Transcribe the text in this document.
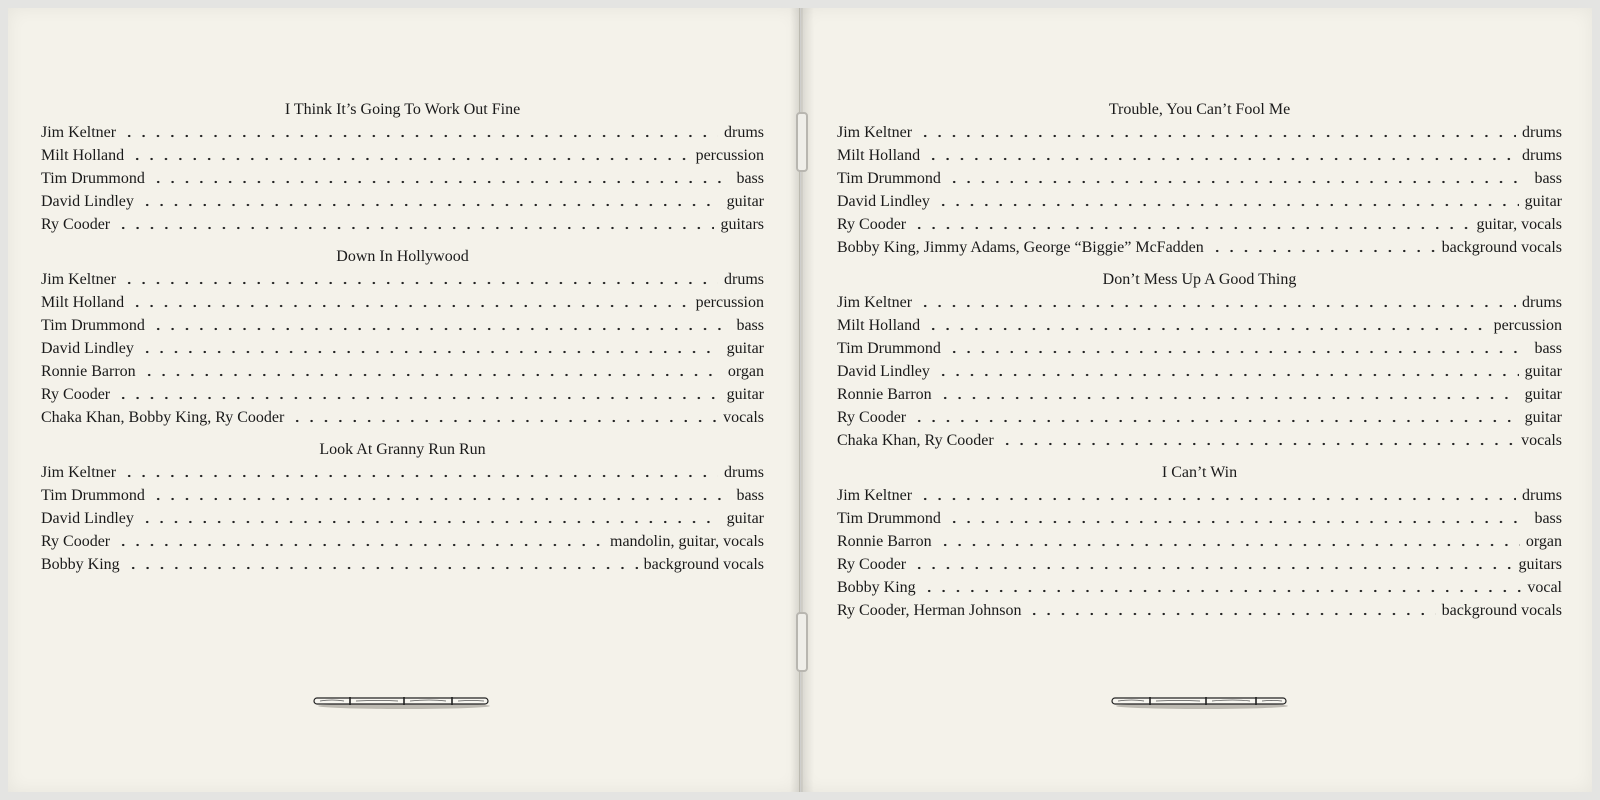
I Think It’s Going To Work Out Fine
Jim Keltner	drums
Milt Holland	percussion
Tim Drummond	bass
David Lindley	guitar
Ry Cooder	guitars
Down In Hollywood
Jim Keltner	drums
Milt Holland	percussion
Tim Drummond	bass
David Lindley	guitar
Ronnie Barron	organ
Ry Cooder	guitar
Chaka Khan, Bobby King, Ry Cooder	vocals
Look At Granny Run Run
Jim Keltner	drums
Tim Drummond	bass
David Lindley	guitar
Ry Cooder	mandolin, guitar, vocals
Bobby King	background vocals
Trouble, You Can’t Fool Me
Jim Keltner	drums
Milt Holland	drums
Tim Drummond	bass
David Lindley	guitar
Ry Cooder	guitar, vocals
Bobby King, Jimmy Adams, George “Biggie” McFadden	background vocals
Don’t Mess Up A Good Thing
Jim Keltner	drums
Milt Holland	percussion
Tim Drummond	bass
David Lindley	guitar
Ronnie Barron	guitar
Ry Cooder	guitar
Chaka Khan, Ry Cooder	vocals
I Can’t Win
Jim Keltner	drums
Tim Drummond	bass
Ronnie Barron	organ
Ry Cooder	guitars
Bobby King	vocal
Ry Cooder, Herman Johnson	background vocals
